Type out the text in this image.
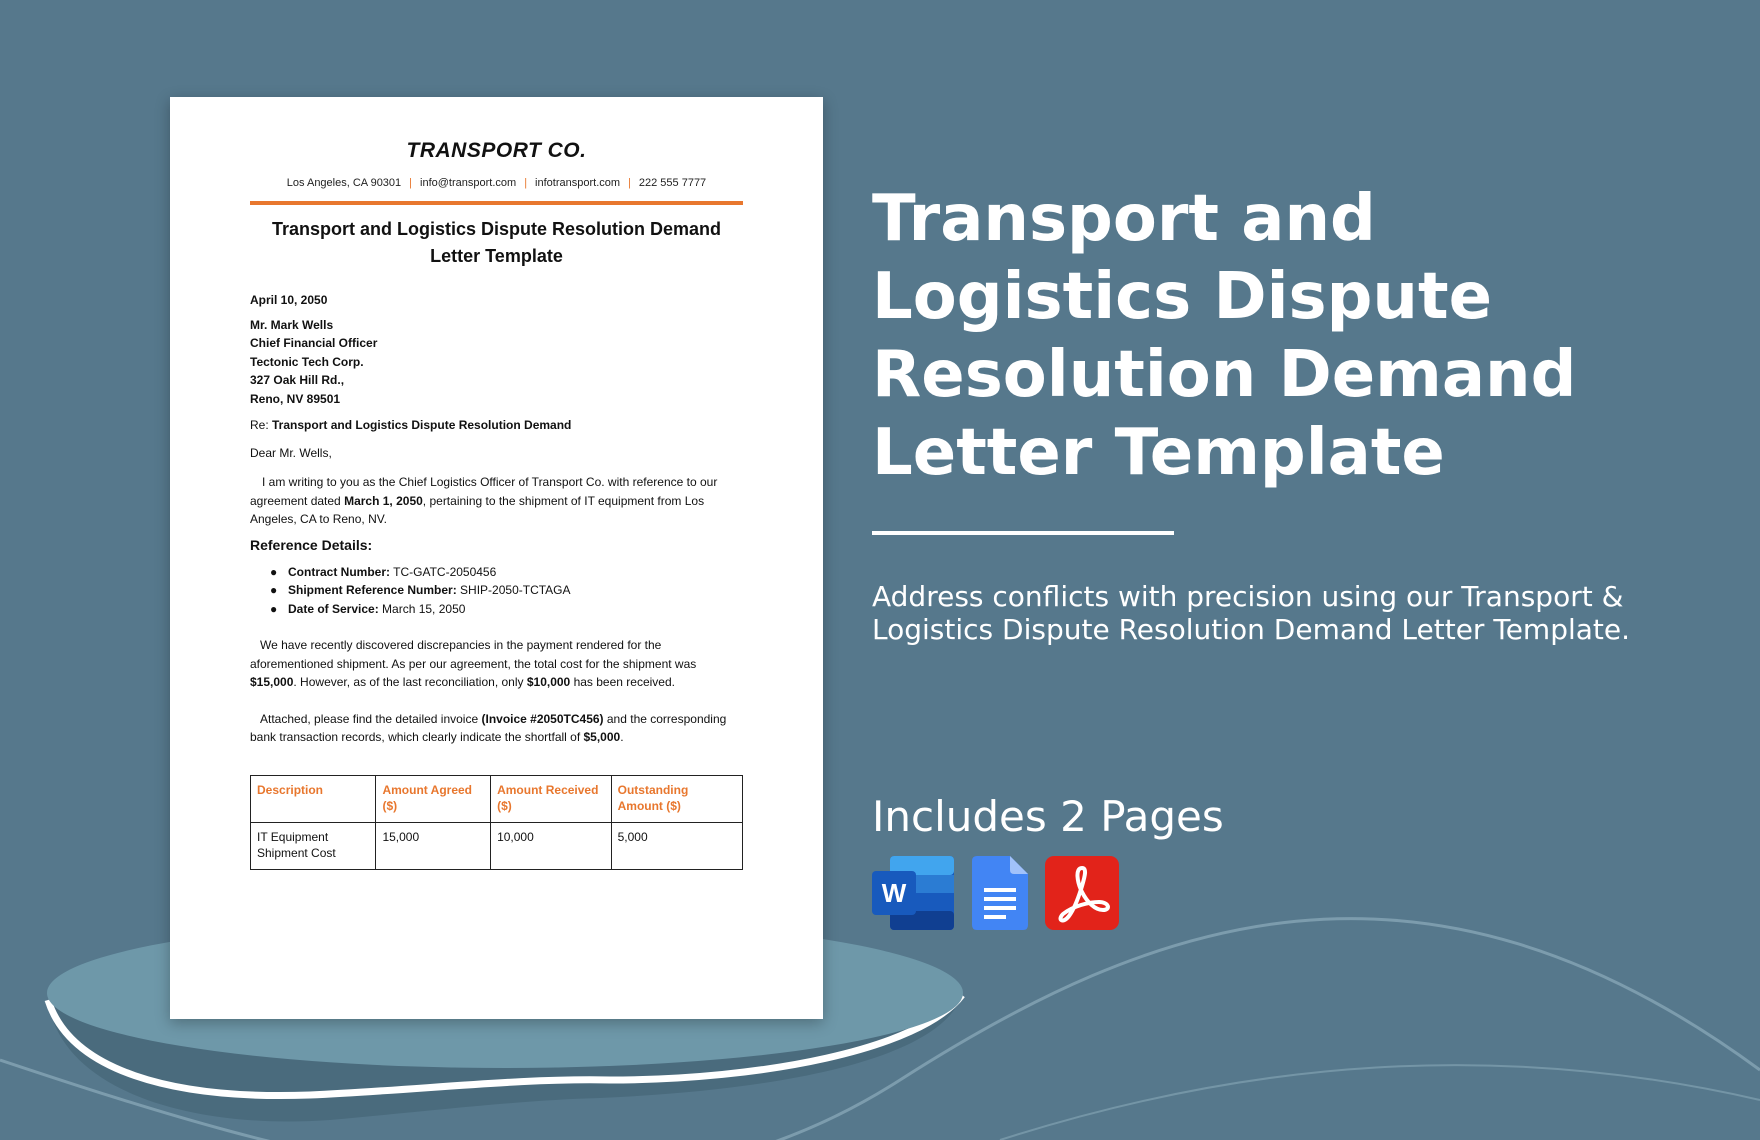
TRANSPORT CO.
Los Angeles, CA 90301 | info@transport.com | infotransport.com | 222 555 7777
Transport and Logistics Dispute Resolution Demand Letter Template

April 10, 2050

Mr. Mark Wells
Chief Financial Officer
Tectonic Tech Corp.
327 Oak Hill Rd.,
Reno, NV 89501

Re: Transport and Logistics Dispute Resolution Demand

Dear Mr. Wells,

I am writing to you as the Chief Logistics Officer of Transport Co. with reference to our agreement dated March 1, 2050, pertaining to the shipment of IT equipment from Los Angeles, CA to Reno, NV.

Reference Details:
● Contract Number: TC-GATC-2050456
● Shipment Reference Number: SHIP-2050-TCTAGA
● Date of Service: March 15, 2050

We have recently discovered discrepancies in the payment rendered for the aforementioned shipment. As per our agreement, the total cost for the shipment was $15,000. However, as of the last reconciliation, only $10,000 has been received.

Attached, please find the detailed invoice (Invoice #2050TC456) and the corresponding bank transaction records, which clearly indicate the shortfall of $5,000.

Description	Amount Agreed ($)	Amount Received ($)	Outstanding Amount ($)
IT Equipment Shipment Cost	15,000	10,000	5,000
Transport and Logistics Dispute Resolution Demand Letter Template
Address conflicts with precision using our Transport & Logistics Dispute Resolution Demand Letter Template.
Includes 2 Pages
W
